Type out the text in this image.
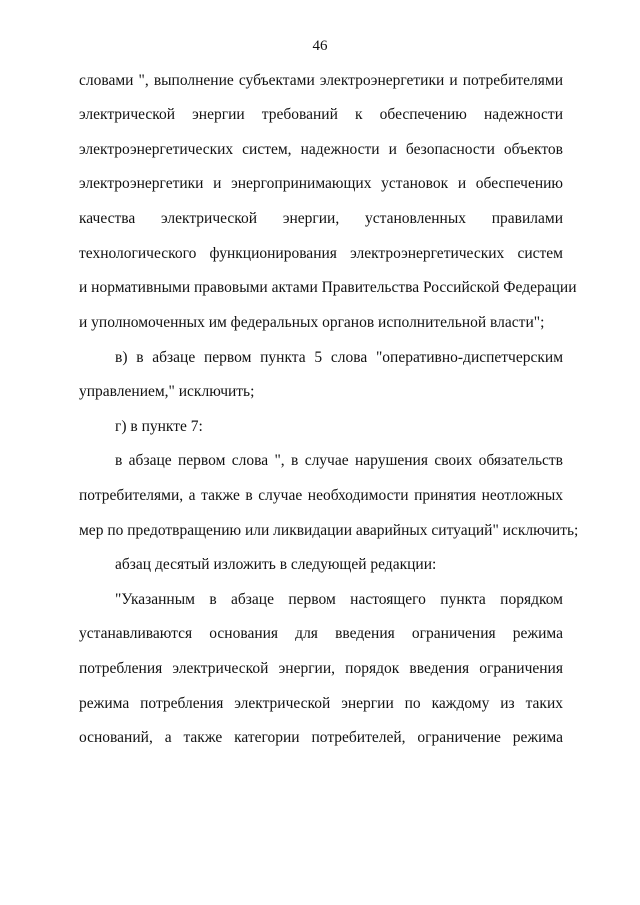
46
словами ", выполнение субъектами электроэнергетики и потребителями
электрической энергии требований к обеспечению надежности
электроэнергетических систем, надежности и безопасности объектов
электроэнергетики и энергопринимающих установок и обеспечению
качества электрической энергии, установленных правилами
технологического функционирования электроэнергетических систем
и нормативными правовыми актами Правительства Российской Федерации
и уполномоченных им федеральных органов исполнительной власти";
в) в абзаце первом пункта 5 слова "оперативно-диспетчерским
управлением," исключить;
г) в пункте 7:
в абзаце первом слова ", в случае нарушения своих обязательств
потребителями, а также в случае необходимости принятия неотложных
мер по предотвращению или ликвидации аварийных ситуаций" исключить;
абзац десятый изложить в следующей редакции:
"Указанным в абзаце первом настоящего пункта порядком
устанавливаются основания для введения ограничения режима
потребления электрической энергии, порядок введения ограничения
режима потребления электрической энергии по каждому из таких
оснований, а также категории потребителей, ограничение режима
